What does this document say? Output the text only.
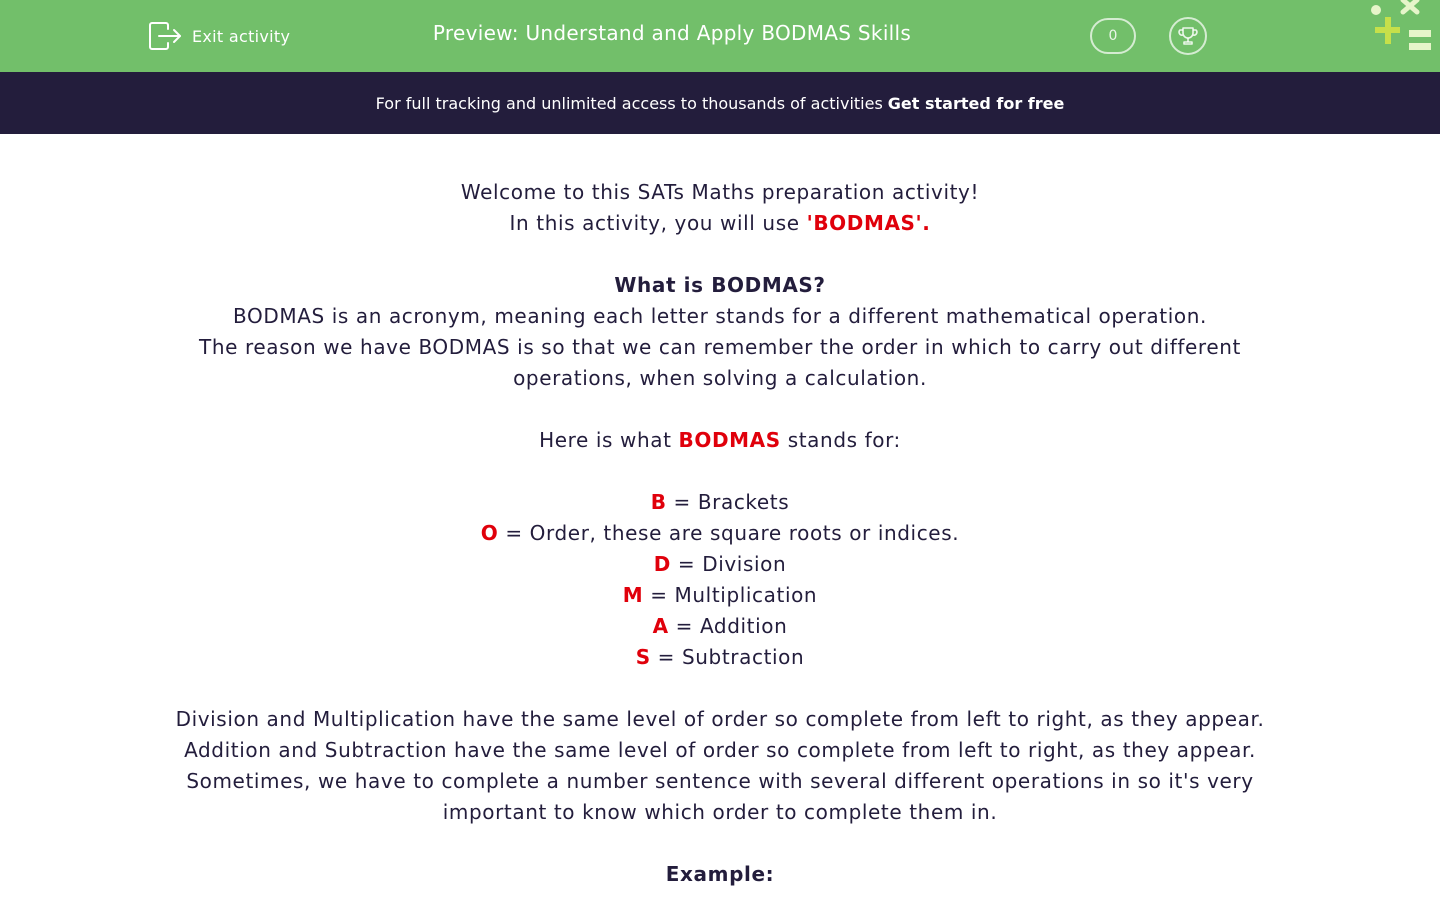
Exit activity	Preview: Understand and Apply BODMAS Skills	0
For full tracking and unlimited access to thousands of activities Get started for free
Welcome to this SATs Maths preparation activity!
In this activity, you will use 'BODMAS'.
What is BODMAS?
BODMAS is an acronym, meaning each letter stands for a different mathematical operation.
The reason we have BODMAS is so that we can remember the order in which to carry out different operations, when solving a calculation.
Here is what BODMAS stands for:
B = Brackets
O = Order, these are square roots or indices.
D = Division
M = Multiplication
A = Addition
S = Subtraction
Division and Multiplication have the same level of order so complete from left to right, as they appear.
Addition and Subtraction have the same level of order so complete from left to right, as they appear.
Sometimes, we have to complete a number sentence with several different operations in so it's very important to know which order to complete them in.
Example:
